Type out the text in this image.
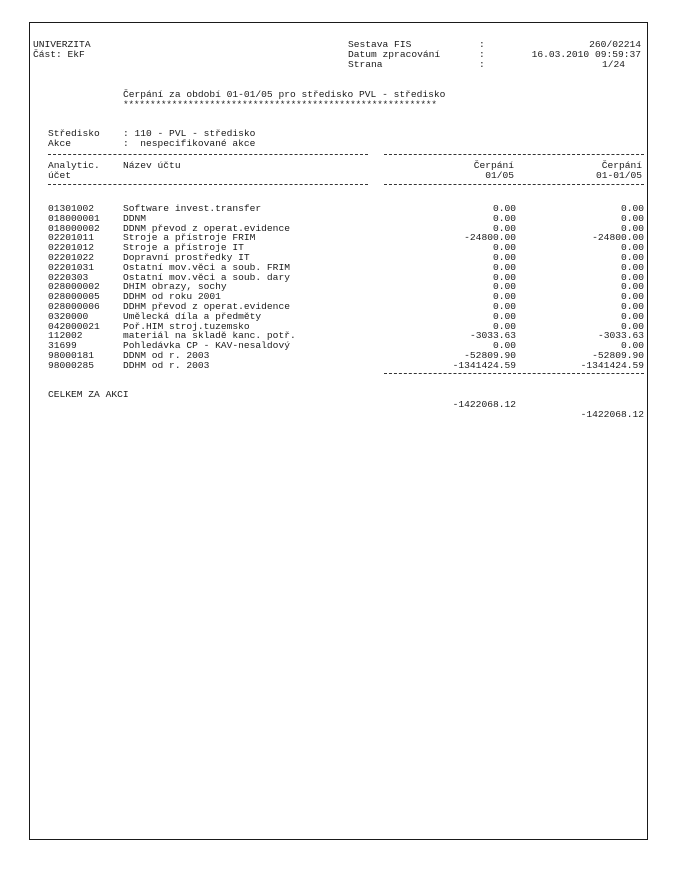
UNIVERZITA
Část: EkF
Sestava FIS	:	260/02214
Datum zpracování	:	16.03.2010 09:59:37
Strana	:	1/24
Čerpání za období 01-01/05 pro středisko PVL - středisko
**********************************************************
Středisko : 110 - PVL - středisko
Akce	:  nespecifikované akce
Analytic.
účet
Název účtu	Čerpání
01/05
Čerpání
01-01/05
01301002	Software invest.transfer	0.00	0.00
018000001 DDNM	0.00	0.00
018000002 DDNM převod z operat.evidence	0.00	0.00
02201011	Stroje a přístroje FRIM	-24800.00	-24800.00
02201012	Stroje a přístroje IT	0.00	0.00
02201022	Dopravní prostředky IT	0.00	0.00
02201031	Ostatní mov.věci a soub. FRIM	0.00	0.00
0220303	Ostatní mov.věci a soub. dary	0.00	0.00
028000002 DHIM obrazy, sochy	0.00	0.00
028000005 DDHM od roku 2001	0.00	0.00
028000006 DDHM převod z operat.evidence	0.00	0.00
0320000	Umělecká díla a předměty	0.00	0.00
042000021 Poř.HIM stroj.tuzemsko	0.00	0.00
112002	materiál na skladě kanc. potř.	-3033.63	-3033.63
31699	Pohledávka CP - KAV-nesaldový	0.00	0.00
98000181	DDNM od r. 2003	-52809.90	-52809.90
98000285	DDHM od r. 2003	-1341424.59	-1341424.59

CELKEM ZA AKCI

-1422068.12

-1422068.12
